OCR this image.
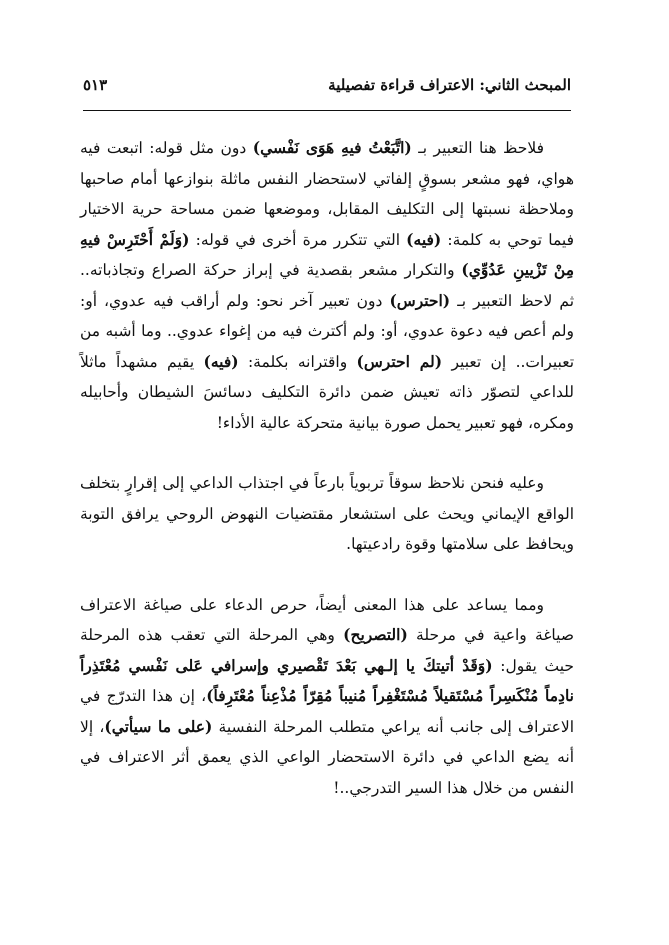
المبحث الثاني: الاعتراف قراءة تفصيلية
٥١٣

فلاحظ هنا التعبير بـ (اتَّبَعْتُ فيهِ هَوَى نَفْسي) دون مثل قوله: اتبعت فيه هواي، فهو مشعر بسوقٍ إلفاتي لاستحضار النفس ماثلة بنوازعها أمام صاحبها وملاحظة نسبتها إلى التكليف المقابل، وموضعها ضمن مساحة حرية الاختيار فيما توحي به كلمة: (فيه) التي تتكرر مرة أخرى في قوله: (وَلَمْ أَحْتَرِسْ فيهِ مِنْ تَزْيينِ عَدُوِّي) والتكرار مشعر بقصدية في إبراز حركة الصراع وتجاذباته.. ثم لاحظ التعبير بـ (احترس) دون تعبير آخر نحو: ولم أراقب فيه عدوي، أو: ولم أعص فيه دعوة عدوي، أو: ولم أكترث فيه من إغواء عدوي.. وما أشبه من تعبيرات.. إن تعبير (لم احترس) واقترانه بكلمة: (فيه) يقيم مشهداً ماثلاً للداعي لتصوّر ذاته تعيش ضمن دائرة التكليف دسائسَ الشيطان وأحابيله ومكره، فهو تعبير يحمل صورة بيانية متحركة عالية الأداء!

وعليه فنحن نلاحظ سوقاً تربوياً بارعاً في اجتذاب الداعي إلى إقرارٍ بتخلف الواقع الإيماني ويحث على استشعار مقتضيات النهوض الروحي يرافق التوبة ويحافظ على سلامتها وقوة رادعيتها.

ومما يساعد على هذا المعنى أيضاً، حرص الدعاء على صياغة الاعتراف صياغة واعية في مرحلة (التصريح) وهي المرحلة التي تعقب هذه المرحلة حيث يقول: (وَقَدْ أتيتكَ يا إلـهي بَعْدَ تَقْصيري وإسرافي عَلى نَفْسي مُعْتَذِراً نادِماً مُنْكَسِراً مُسْتَقيلاً مُسْتَغْفِراً مُنيباً مُقِرّاً مُذْعِناً مُعْتَرِفاً)، إن هذا التدرّج في الاعتراف إلى جانب أنه يراعي متطلب المرحلة النفسية (على ما سيأتي)، إلا أنه يضع الداعي في دائرة الاستحضار الواعي الذي يعمق أثر الاعتراف في النفس من خلال هذا السير التدرجي..!
